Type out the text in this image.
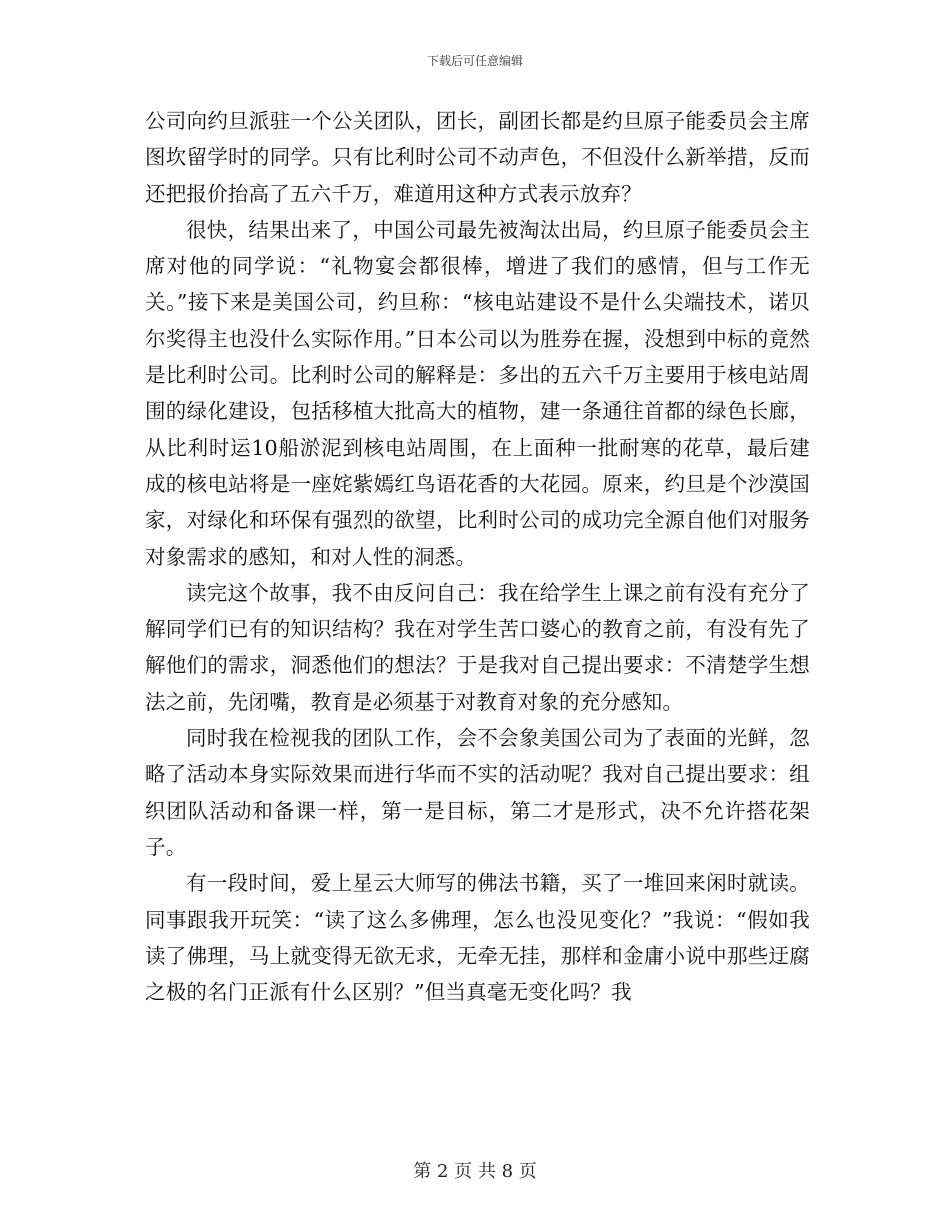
下载后可任意编辑

公司向约旦派驻一个公关团队，团长，副团长都是约旦原子能委员会主席图坎留学时的同学。只有比利时公司不动声色，不但没什么新举措，反而还把报价抬高了五六千万，难道用这种方式表示放弃？

很快，结果出来了，中国公司最先被淘汰出局，约旦原子能委员会主席对他的同学说：“礼物宴会都很棒，增进了我们的感情，但与工作无关。”接下来是美国公司，约旦称：“核电站建设不是什么尖端技术，诺贝尔奖得主也没什么实际作用。”日本公司以为胜券在握，没想到中标的竟然是比利时公司。比利时公司的解释是：多出的五六千万主要用于核电站周围的绿化建设，包括移植大批高大的植物，建一条通往首都的绿色长廊，从比利时运10船淤泥到核电站周围，在上面种一批耐寒的花草，最后建成的核电站将是一座姹紫嫣红鸟语花香的大花园。原来，约旦是个沙漠国家，对绿化和环保有强烈的欲望，比利时公司的成功完全源自他们对服务对象需求的感知，和对人性的洞悉。

读完这个故事，我不由反问自己：我在给学生上课之前有没有充分了解同学们已有的知识结构？我在对学生苦口婆心的教育之前，有没有先了解他们的需求，洞悉他们的想法？于是我对自己提出要求：不清楚学生想法之前，先闭嘴，教育是必须基于对教育对象的充分感知。

同时我在检视我的团队工作，会不会象美国公司为了表面的光鲜，忽略了活动本身实际效果而进行华而不实的活动呢？我对自己提出要求：组织团队活动和备课一样，第一是目标，第二才是形式，决不允许搭花架子。

有一段时间，爱上星云大师写的佛法书籍，买了一堆回来闲时就读。同事跟我开玩笑：“读了这么多佛理，怎么也没见变化？”我说：“假如我读了佛理，马上就变得无欲无求，无牵无挂，那样和金庸小说中那些迂腐之极的名门正派有什么区别？”但当真毫无变化吗？我

第 2 页 共 8 页
